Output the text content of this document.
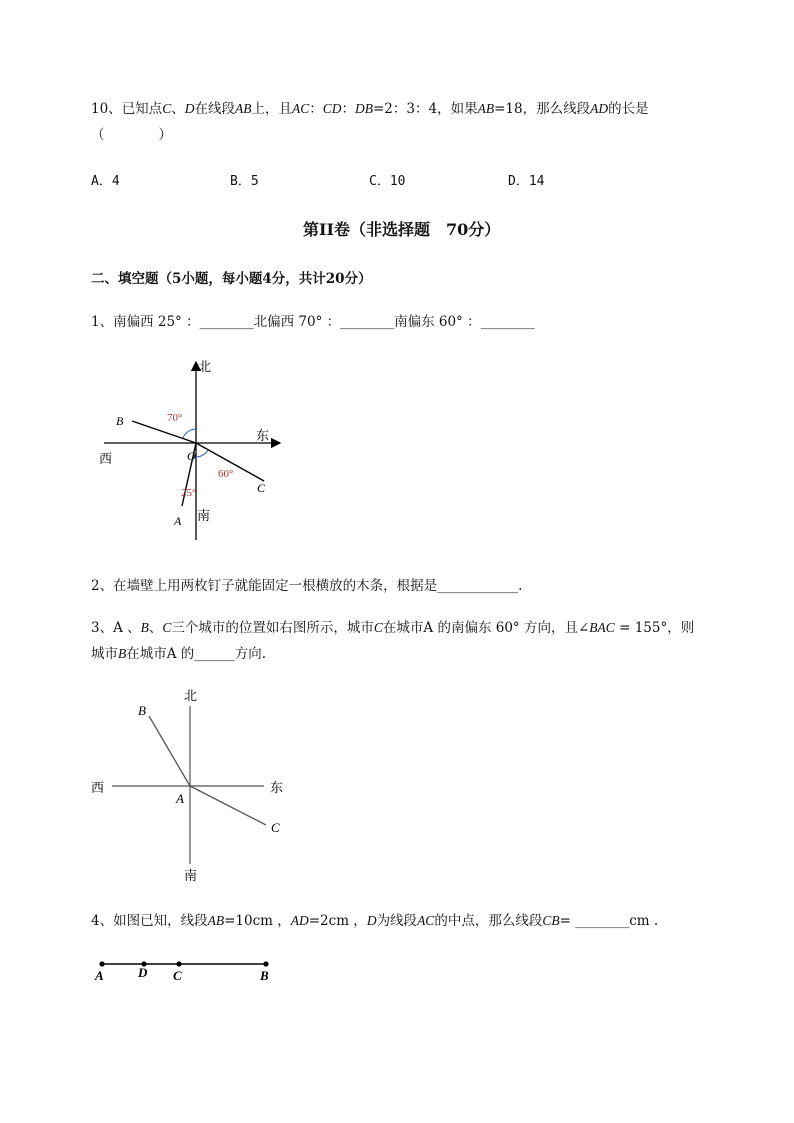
10、已知点C、D在线段AB上，且AC：CD：DB=2：3：4，如果AB=18，那么线段AD的长是
（　　　　）
A．4	B．5	C．10	D．14
第II卷（非选择题　70分）
二、填空题（5小题，每小题4分，共计20分）
1、南偏西 25° ：________北偏西 70° ：________南偏东 60° ：________
北
东
西
南
O
B
C
A
70°
60°
25°
2、在墙壁上用两枚钉子就能固定一根横放的木条，根据是____________.
3、A 、B、C三个城市的位置如右图所示，城市C在城市A 的南偏东 60° 方向，且∠BAC = 155°，则
城市B在城市A 的______方向.
北
东
西
南
A
B
C
4、如图已知，线段AB=10cm ，AD=2cm ，D为线段AC的中点，那么线段CB= ________cm .
A	D C	B
